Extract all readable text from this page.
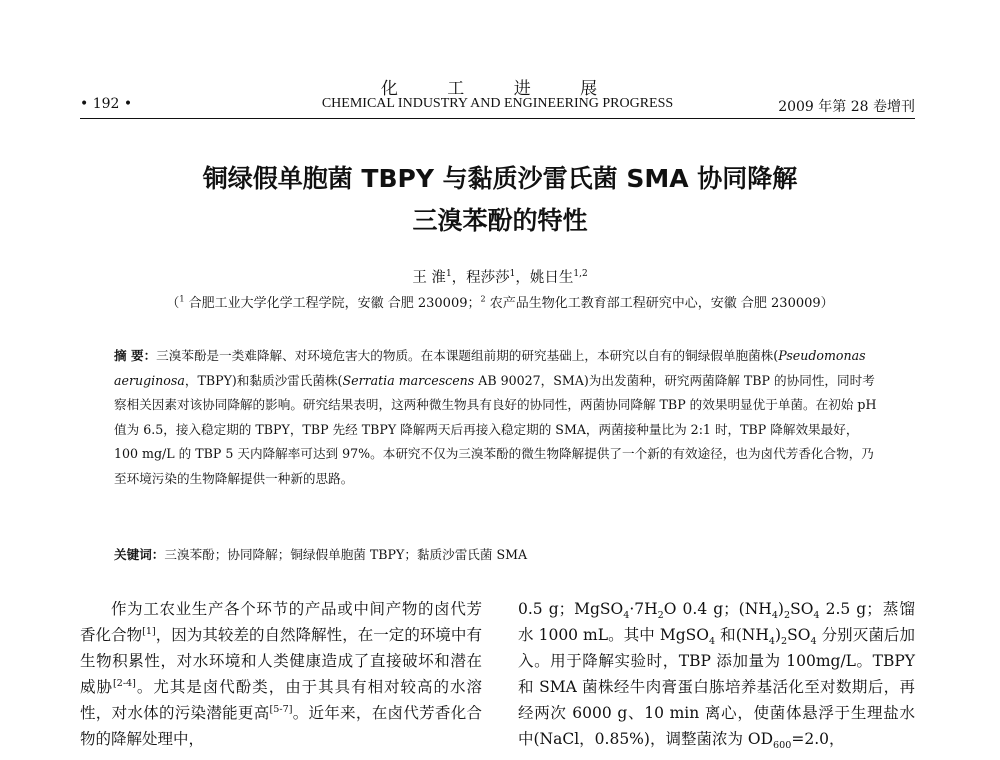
化 工 进 展
• 192 •	CHEMICAL INDUSTRY AND ENGINEERING PROGRESS	2009 年第 28 卷增刊
铜绿假单胞菌 TBPY 与黏质沙雷氏菌 SMA 协同降解
三溴苯酚的特性
王 淮$^1$，程莎莎$^1$，姚日生$^{1,2}$
（$^1$ 合肥工业大学化学工程学院，安徽 合肥 230009；$^2$ 农产品生物化工教育部工程研究中心，安徽 合肥 230009）

摘 要：三溴苯酚是一类难降解、对环境危害大的物质。在本课题组前期的研究基础上，本研究以自有的铜绿假单胞菌株(Pseudomonas aeruginosa，TBPY)和黏质沙雷氏菌株(Serratia marcescens AB 90027，SMA)为出发菌种，研究两菌降解 TBP 的协同性，同时考察相关因素对该协同降解的影响。研究结果表明，这两种微生物具有良好的协同性，两菌协同降解 TBP 的效果明显优于单菌。在初始 pH 值为 6.5，接入稳定期的 TBPY，TBP 先经 TBPY 降解两天后再接入稳定期的 SMA，两菌接种量比为 2:1 时，TBP 降解效果最好，100 mg/L 的 TBP 5 天内降解率可达到 97%。本研究不仅为三溴苯酚的微生物降解提供了一个新的有效途径，也为卤代芳香化合物，乃至环境污染的生物降解提供一种新的思路。

关键词：三溴苯酚；协同降解；铜绿假单胞菌 TBPY；黏质沙雷氏菌 SMA

作为工农业生产各个环节的产品或中间产物的卤代芳香化合物[1]，因为其较差的自然降解性，在一定的环境中有生物积累性，对水环境和人类健康造成了直接破坏和潜在威胁[2-4]。尤其是卤代酚类，由于其具有相对较高的水溶性，对水体的污染潜能更高[5-7]。近年来，在卤代芳香化合物的降解处理中，

0.5 g；$MgSO_4\cdot 7H_2O$ 0.4 g；$(NH_4)_2SO_4$ 2.5 g；蒸馏水 1000 mL。其中 MgSO$_4$ 和$(NH_4)_2SO_4$ 分别灭菌后加入。用于降解实验时，TBP 添加量为 100mg/L。TBPY 和 SMA 菌株经牛肉膏蛋白胨培养基活化至对数期后，再经两次 6000 g、10 min 离心，使菌体悬浮于生理盐水中(NaCl，0.85%)，调整菌浓为 $OD_{600}=2.0$，
